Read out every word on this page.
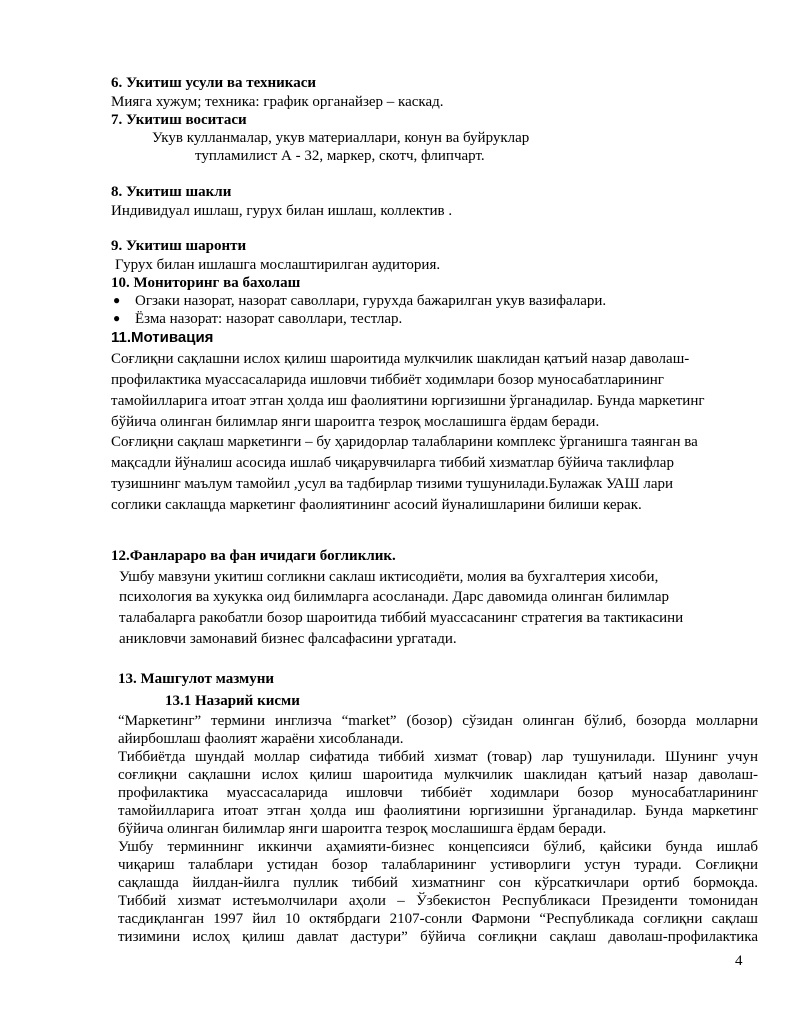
6. Укитиш усули ва техникаси
Мияга хужум; техника: график органайзер – каскад.
7. Укитиш воситаси
Укув кулланмалар, укув материаллари, конун ва буйруклар
тупламилист А - 32, маркер, скотч, флипчарт.
8. Укитиш шакли
Индивидуал ишлаш, гурух билан ишлаш, коллектив .
9. Укитиш шаронти
Гурух билан ишлашга мослаштирилган аудитория.
10. Мониторинг ва бахолаш
● Огзаки назорат, назорат саволлари, гурухда бажарилган укув вазифалари.
● Ёзма назорат: назорат саволлари, тестлар.
11.Мотивация
Соғлиқни сақлашни ислох қилиш шароитида мулкчилик шаклидан қатъий назар даволаш-
профилактика муассасаларида ишловчи тиббиёт ходимлари бозор муносабатларининг
тамойилларига итоат этган ҳолда иш фаолиятини юргизишни ўрганадилар. Бунда маркетинг
бўйича олинган билимлар янги шароитга тезроқ мослашишга ёрдам беради.
Соғлиқни сақлаш маркетинги – бу ҳаридорлар талабларини комплекс ўрганишга таянган ва
мақсадли йўналиш асосида ишлаб чиқарувчиларга тиббий хизматлар бўйича таклифлар
тузишнинг маълум тамойил ,усул ва тадбирлар тизими тушунилади.Булажак УАШ лари
соглики саклащда маркетинг фаолиятининг асосий йуналишларини билиши керак.
12.Фанлараро ва фан ичидаги богликлик.
Ушбу мавзуни укитиш согликни саклаш иктисодиёти, молия ва бухгалтерия хисоби,
психология ва хукукка оид билимларга асосланади. Дарс давомида олинган билимлар
талабаларга ракобатли бозор шароитида тиббий муассасанинг стратегия ва тактикасини
аникловчи замонавий бизнес фалсафасини ургатади.
13. Машгулот мазмуни
13.1 Назарий кисми
“Маркетинг” термини инглизча “market” (бозор) сўзидан олинган бўлиб, бозорда молларни
айирбошлаш фаолият жараёни хисобланади.
Тиббиётда шундай моллар сифатида тиббий хизмат (товар) лар тушунилади. Шунинг учун
соғлиқни сақлашни ислох қилиш шароитида мулкчилик шаклидан қатъий назар даволаш-
профилактика муассасаларида ишловчи тиббиёт ходимлари бозор муносабатларининг
тамойилларига итоат этган ҳолда иш фаолиятини юргизишни ўрганадилар. Бунда маркетинг
бўйича олинган билимлар янги шароитга тезроқ мослашишга ёрдам беради.
Ушбу терминнинг иккинчи аҳамияти-бизнес концепсияси бўлиб, қайсики бунда ишлаб
чиқариш талаблари устидан бозор талабларининг устиворлиги устун туради. Соғлиқни
сақлашда йилдан-йилга пуллик тиббий хизматнинг сон кўрсаткичлари ортиб бормоқда.
Тиббий хизмат истеъмолчилари аҳоли – Ўзбекистон Республикаси Президенти томонидан
тасдиқланган 1997 йил 10 октябрдаги 2107-сонли Фармони “Республикада соғлиқни сақлаш
тизимини ислоҳ қилиш давлат дастури” бўйича соғлиқни сақлаш даволаш-профилактика
4
